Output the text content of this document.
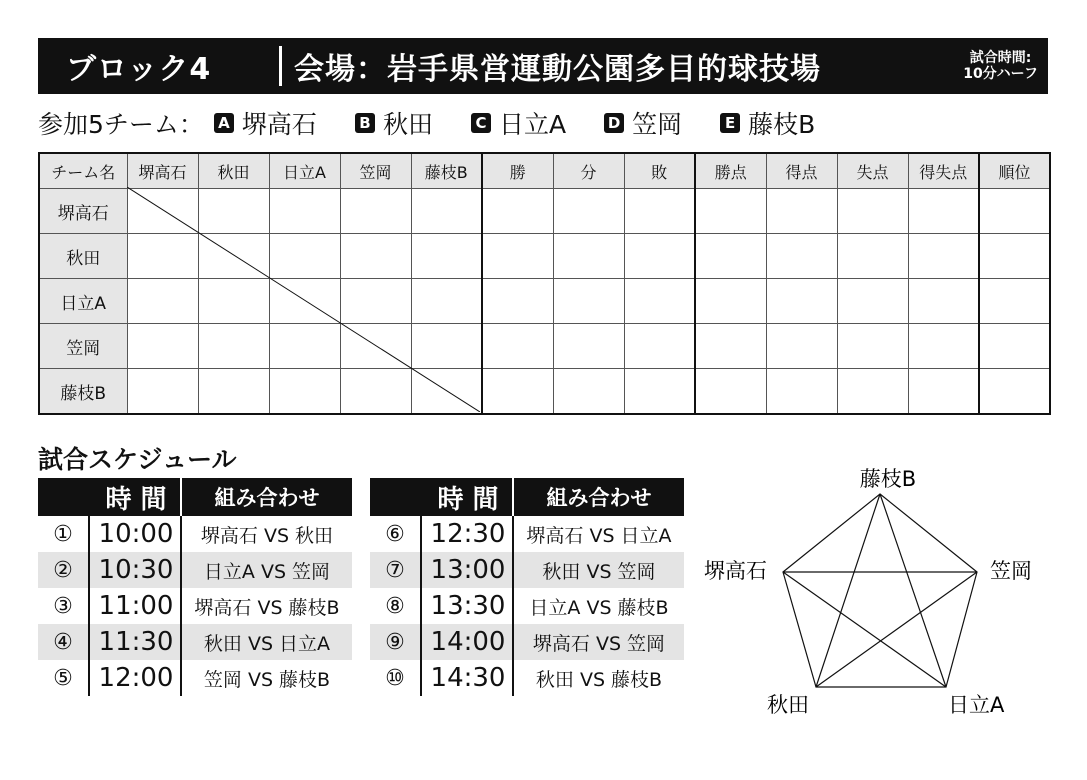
ブロック4	会場：岩手県営運動公園多目的球技場	試合時間:
10分ハーフ
参加5チーム： A 堺高石	B 秋田	C 日立A	D 笠岡	E 藤枝B
チーム名	堺高石	秋田	日立A	笠岡	藤枝B	勝	分	敗	勝点	得点	失点	得失点	順位
堺高石													
秋田													
日立A													
笠岡													
藤枝B													
試合スケジュール
	時 間	組み合わせ
①	10:00	堺高石 VS 秋田
②	10:30	日立A VS 笠岡
③	11:00	堺高石 VS 藤枝B
④	11:30	秋田 VS 日立A
⑤	12:00	笠岡 VS 藤枝B
	時 間	組み合わせ
⑥	12:30	堺高石 VS 日立A
⑦	13:00	秋田 VS 笠岡
⑧	13:30	日立A VS 藤枝B
⑨	14:00	堺高石 VS 笠岡
⑩	14:30	秋田 VS 藤枝B
藤枝B
堺高石	笠岡
秋田	日立A
